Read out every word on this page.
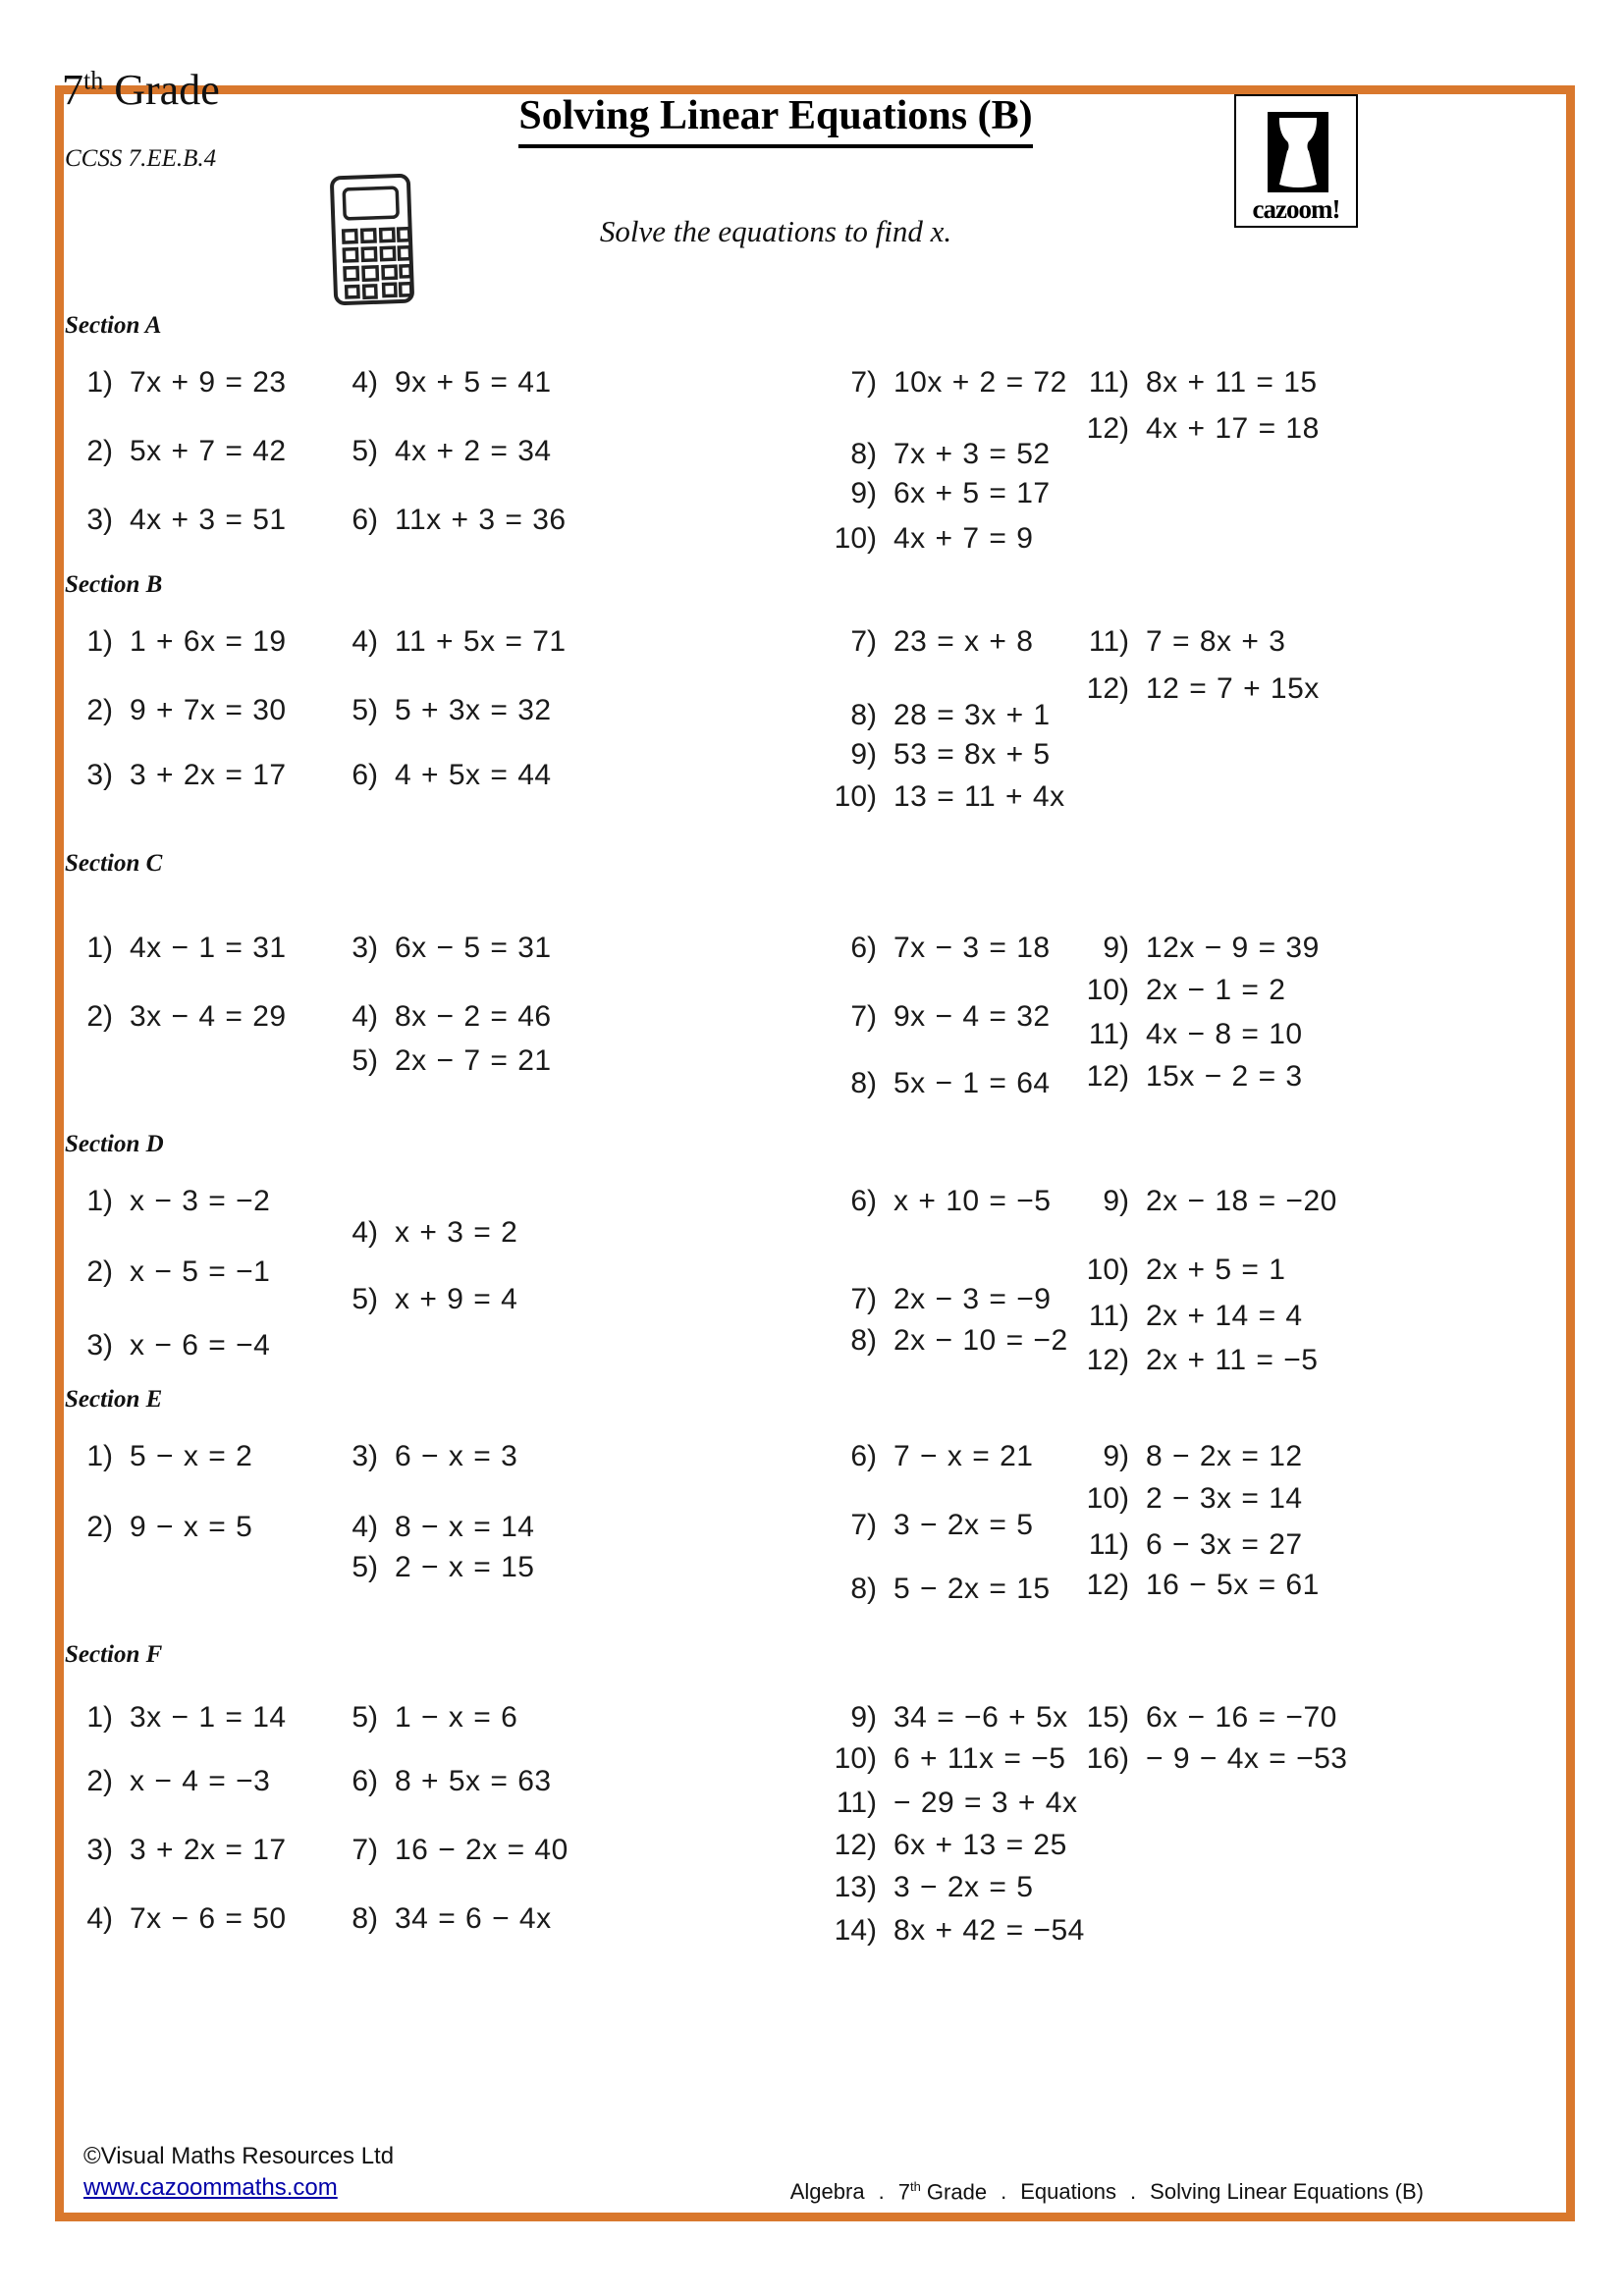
7th Grade
CCSS 7.EE.B.4
Solving Linear Equations (B)
Solve the equations to find x.
cazoom!
Section A
1) 7x + 9 = 23
2) 5x + 7 = 42
3) 4x + 3 = 51
4) 9x + 5 = 41
5) 4x + 2 = 34
6) 11x + 3 = 36
7) 10x + 2 = 72
8) 7x + 3 = 52
9) 6x + 5 = 17
10) 4x + 7 = 9
11) 8x + 11 = 15
12) 4x + 17 = 18
Section B
1) 1 + 6x = 19
2) 9 + 7x = 30
3) 3 + 2x = 17
4) 11 + 5x = 71
5) 5 + 3x = 32
6) 4 + 5x = 44
7) 23 = x + 8
8) 28 = 3x + 1
9) 53 = 8x + 5
10) 13 = 11 + 4x
11) 7 = 8x + 3
12) 12 = 7 + 15x
Section C
1) 4x − 1 = 31
2) 3x − 4 = 29
3) 6x − 5 = 31
4) 8x − 2 = 46
5) 2x − 7 = 21
6) 7x − 3 = 18
7) 9x − 4 = 32
8) 5x − 1 = 64
9) 12x − 9 = 39
10) 2x − 1 = 2
11) 4x − 8 = 10
12) 15x − 2 = 3
Section D
1) x − 3 = −2
2) x − 5 = −1
3) x − 6 = −4
4) x + 3 = 2
5) x + 9 = 4
6) x + 10 = −5
7) 2x − 3 = −9
8) 2x − 10 = −2
9) 2x − 18 = −20
10) 2x + 5 = 1
11) 2x + 14 = 4
12) 2x + 11 = −5
Section E
1) 5 − x = 2
2) 9 − x = 5
3) 6 − x = 3
4) 8 − x = 14
5) 2 − x = 15
6) 7 − x = 21
7) 3 − 2x = 5
8) 5 − 2x = 15
9) 8 − 2x = 12
10) 2 − 3x = 14
11) 6 − 3x = 27
12) 16 − 5x = 61
Section F
1) 3x − 1 = 14
2) x − 4 = −3
3) 3 + 2x = 17
4) 7x − 6 = 50
5) 1 − x = 6
6) 8 + 5x = 63
7) 16 − 2x = 40
8) 34 = 6 − 4x
9) 34 = −6 + 5x
10) 6 + 11x = −5
11) − 29 = 3 + 4x
12) 6x + 13 = 25
13) 3 − 2x = 5
14) 8x + 42 = −54
15) 6x − 16 = −70
16) − 9 − 4x = −53
©Visual Maths Resources Ltd
www.cazoommaths.com	Algebra . 7th Grade . Equations . Solving Linear Equations (B)
